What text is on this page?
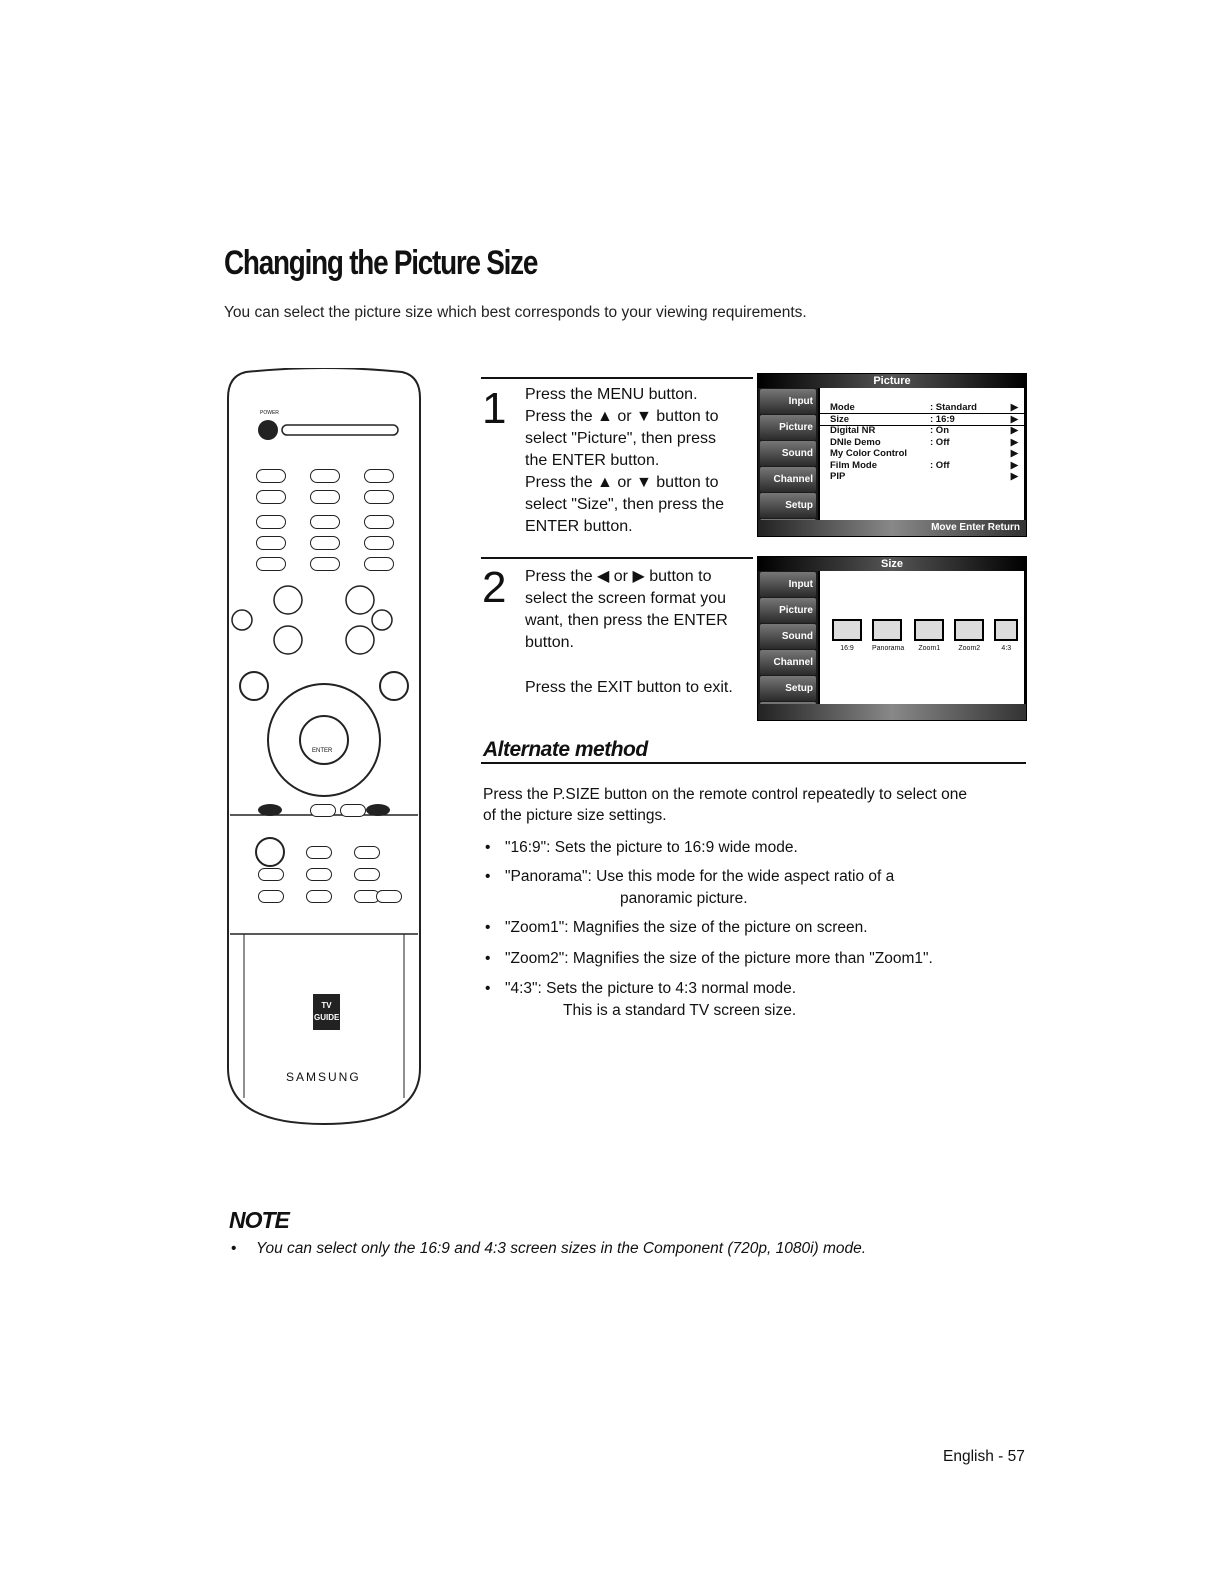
Changing the Picture Size
You can select the picture size which best corresponds to your viewing requirements.
ENTER
POWER
TV GUIDE
SAMSUNG
1 Press the MENU button.
Press the ▲ or ▼ button to
select "Picture", then press
the ENTER button.
Press the ▲ or ▼ button to
select "Size", then press the
ENTER button.
Picture
Input
Picture
Sound
Channel
Setup
Mode	: Standard	▶
Size	: 16:9	▶
Digital NR	: On	▶
DNIe Demo	: Off	▶
My Color Control	▶
Film Mode	: Off	▶
PIP	▶
Move Enter Return
2 Press the ◀ or ▶ button to
select the screen format you
want, then press the ENTER
button.
Press the EXIT button to exit.
Size
Input
Picture
Sound
Channel
Setup
16:9	Panorama	Zoom1	Zoom2	4:3
Alternate method
Press the P.SIZE button on the remote control repeatedly to select one
of the picture size settings.
• "16:9": Sets the picture to 16:9 wide mode.
• "Panorama": Use this mode for the wide aspect ratio of a
panoramic picture.
• "Zoom1": Magnifies the size of the picture on screen.
• "Zoom2": Magnifies the size of the picture more than "Zoom1".
• "4:3": Sets the picture to 4:3 normal mode.
This is a standard TV screen size.
NOTE
• You can select only the 16:9 and 4:3 screen sizes in the Component (720p, 1080i) mode.
English - 57
